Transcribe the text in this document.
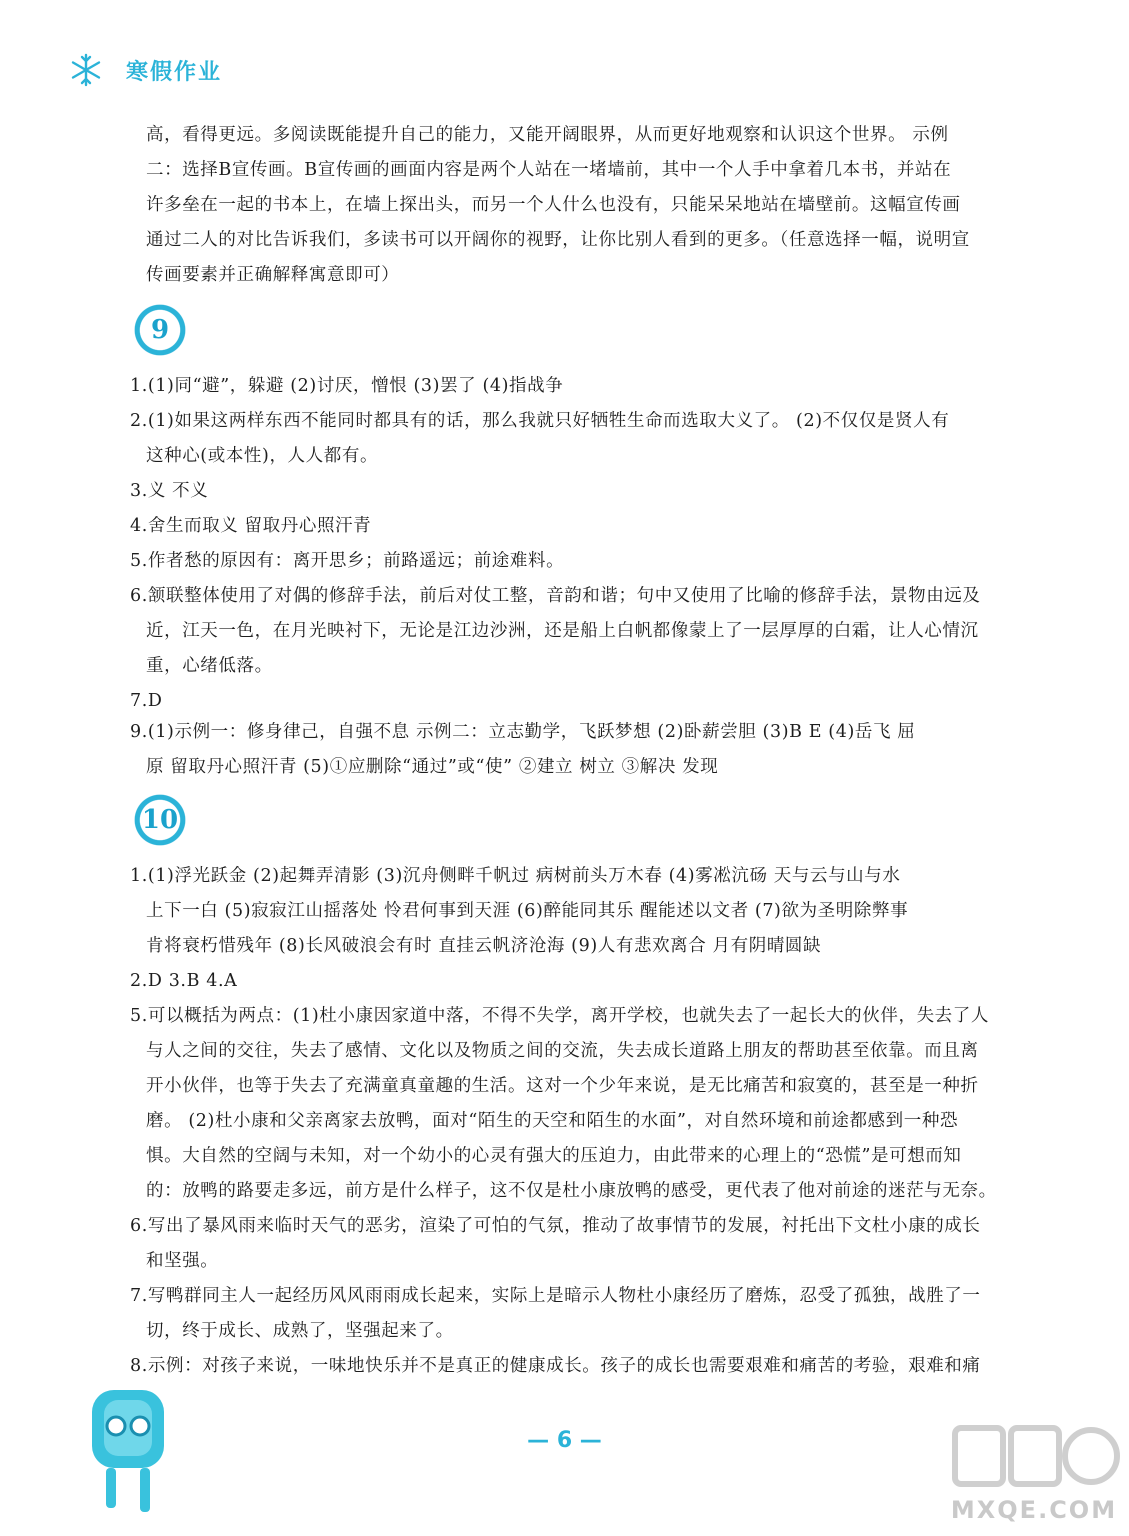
寒假作业
高，看得更远。多阅读既能提升自己的能力，又能开阔眼界，从而更好地观察和认识这个世界。 示例
二：选择B宣传画。B宣传画的画面内容是两个人站在一堵墙前，其中一个人手中拿着几本书，并站在
许多垒在一起的书本上，在墙上探出头，而另一个人什么也没有，只能呆呆地站在墙壁前。这幅宣传画
通过二人的对比告诉我们，多读书可以开阔你的视野，让你比别人看到的更多。（任意选择一幅，说明宣
传画要素并正确解释寓意即可）
9
1.(1)同“避”，躲避 (2)讨厌，憎恨 (3)罢了 (4)指战争
2.(1)如果这两样东西不能同时都具有的话，那么我就只好牺牲生命而选取大义了。 (2)不仅仅是贤人有
这种心(或本性)，人人都有。
3.义 不义
4.舍生而取义 留取丹心照汗青
5.作者愁的原因有：离开思乡；前路遥远；前途难料。
6.颔联整体使用了对偶的修辞手法，前后对仗工整，音韵和谐；句中又使用了比喻的修辞手法，景物由远及
近，江天一色，在月光映衬下，无论是江边沙洲，还是船上白帆都像蒙上了一层厚厚的白霜，让人心情沉
重，心绪低落。
7.D
9.(1)示例一：修身律己，自强不息 示例二：立志勤学，飞跃梦想 (2)卧薪尝胆 (3)B E (4)岳飞 屈
原 留取丹心照汗青 (5)①应删除“通过”或“使” ②建立 树立 ③解决 发现
10
1.(1)浮光跃金 (2)起舞弄清影 (3)沉舟侧畔千帆过 病树前头万木春 (4)雾凇沆砀 天与云与山与水
上下一白 (5)寂寂江山摇落处 怜君何事到天涯 (6)醉能同其乐 醒能述以文者 (7)欲为圣明除弊事
肯将衰朽惜残年 (8)长风破浪会有时 直挂云帆济沧海 (9)人有悲欢离合 月有阴晴圆缺
2.D 3.B 4.A
5.可以概括为两点：(1)杜小康因家道中落，不得不失学，离开学校，也就失去了一起长大的伙伴，失去了人
与人之间的交往，失去了感情、文化以及物质之间的交流，失去成长道路上朋友的帮助甚至依靠。而且离
开小伙伴，也等于失去了充满童真童趣的生活。这对一个少年来说，是无比痛苦和寂寞的，甚至是一种折
磨。 (2)杜小康和父亲离家去放鸭，面对“陌生的天空和陌生的水面”，对自然环境和前途都感到一种恐
惧。大自然的空阔与未知，对一个幼小的心灵有强大的压迫力，由此带来的心理上的“恐慌”是可想而知
的：放鸭的路要走多远，前方是什么样子，这不仅是杜小康放鸭的感受，更代表了他对前途的迷茫与无奈。
6.写出了暴风雨来临时天气的恶劣，渲染了可怕的气氛，推动了故事情节的发展，衬托出下文杜小康的成长
和坚强。
7.写鸭群同主人一起经历风风雨雨成长起来，实际上是暗示人物杜小康经历了磨炼，忍受了孤独，战胜了一
切，终于成长、成熟了，坚强起来了。
8.示例：对孩子来说，一味地快乐并不是真正的健康成长。孩子的成长也需要艰难和痛苦的考验，艰难和痛
— 6 —
MXQE.COM
